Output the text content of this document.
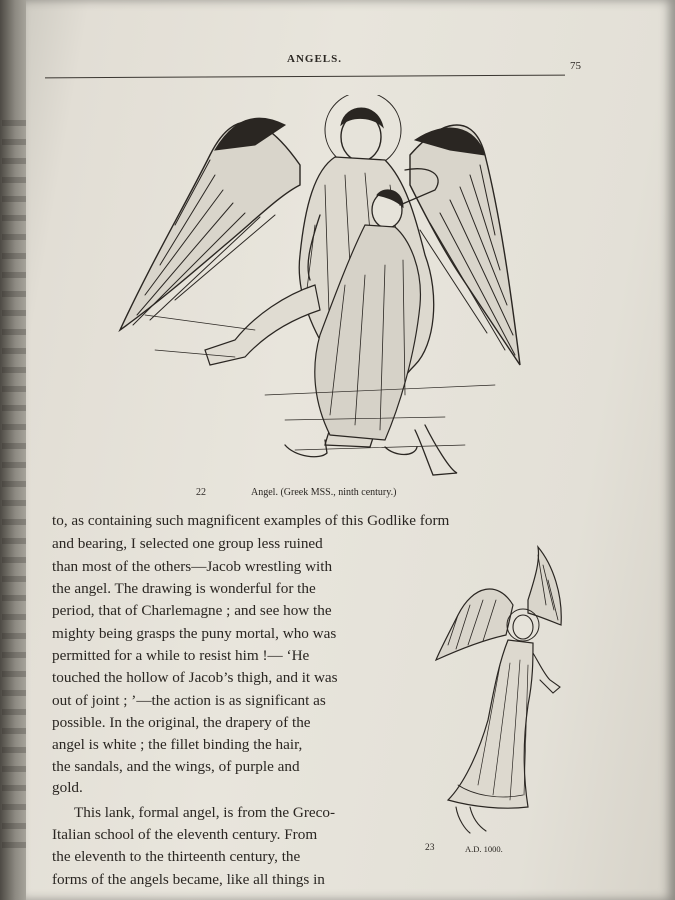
ANGELS.
75
22	Angel. (Greek MSS., ninth century.)
to, as containing such magnificent examples of this Godlike form
and bearing, I selected one group less ruined
than most of the others—Jacob wrestling with
the angel. The drawing is wonderful for the
period, that of Charlemagne ; and see how the
mighty being grasps the puny mortal, who was
permitted for a while to resist him !— ‘He
touched the hollow of Jacob’s thigh, and it was
out of joint ; ’—the action is as significant as
possible. In the original, the drapery of the
angel is white ; the fillet binding the hair,
the sandals, and the wings, of purple and
gold.
This lank, formal angel, is from the Greco-
Italian school of the eleventh century. From
the eleventh to the thirteenth century, the
forms of the angels became, like all things in
23	A.D. 1000.
